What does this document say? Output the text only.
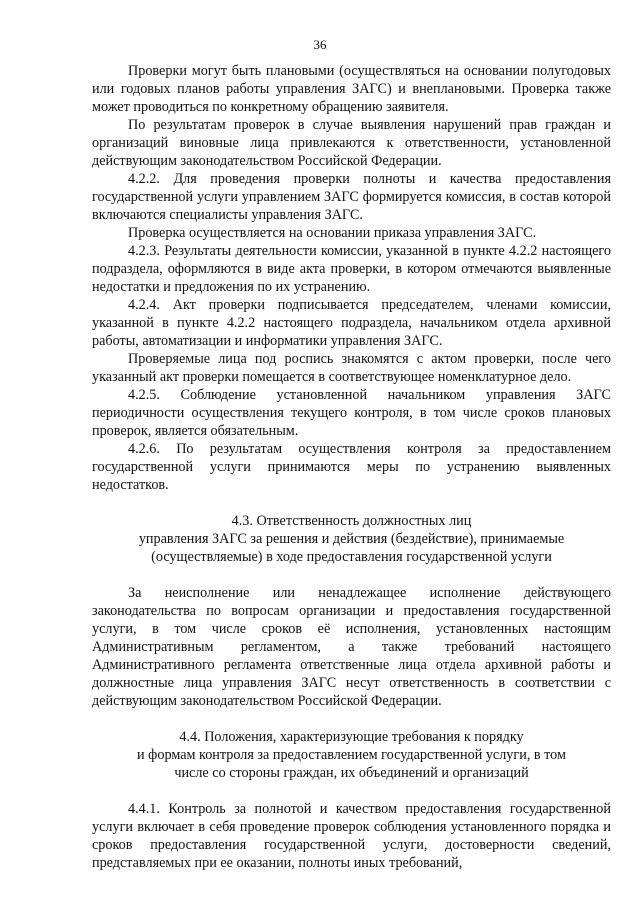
36

Проверки могут быть плановыми (осуществляться на основании полугодовых или годовых планов работы управления ЗАГС) и внеплановыми. Проверка также может проводиться по конкретному обращению заявителя.

По результатам проверок в случае выявления нарушений прав граждан и организаций виновные лица привлекаются к ответственности, установленной действующим законодательством Российской Федерации.

4.2.2. Для проведения проверки полноты и качества предоставления государственной услуги управлением ЗАГС формируется комиссия, в состав которой включаются специалисты управления ЗАГС.

Проверка осуществляется на основании приказа управления ЗАГС.

4.2.3. Результаты деятельности комиссии, указанной в пункте 4.2.2 настоящего подраздела, оформляются в виде акта проверки, в котором отмечаются выявленные недостатки и предложения по их устранению.

4.2.4. Акт проверки подписывается председателем, членами комиссии, указанной в пункте 4.2.2 настоящего подраздела, начальником отдела архивной работы, автоматизации и информатики управления ЗАГС.

Проверяемые лица под роспись знакомятся с актом проверки, после чего указанный акт проверки помещается в соответствующее номенклатурное дело.

4.2.5. Соблюдение установленной начальником управления ЗАГС периодичности осуществления текущего контроля, в том числе сроков плановых проверок, является обязательным.

4.2.6. По результатам осуществления контроля за предоставлением государственной услуги принимаются меры по устранению выявленных недостатков.

4.3. Ответственность должностных лиц
управления ЗАГС за решения и действия (бездействие), принимаемые
(осуществляемые) в ходе предоставления государственной услуги

За неисполнение или ненадлежащее исполнение действующего законодательства по вопросам организации и предоставления государственной услуги, в том числе сроков её исполнения, установленных настоящим Административным регламентом, а также требований настоящего Административного регламента ответственные лица отдела архивной работы и должностные лица управления ЗАГС несут ответственность в соответствии с действующим законодательством Российской Федерации.

4.4. Положения, характеризующие требования к порядку
и формам контроля за предоставлением государственной услуги, в том
числе со стороны граждан, их объединений и организаций

4.4.1. Контроль за полнотой и качеством предоставления государственной услуги включает в себя проведение проверок соблюдения установленного порядка и сроков предоставления государственной услуги, достоверности сведений, представляемых при ее оказании, полноты иных требований,
